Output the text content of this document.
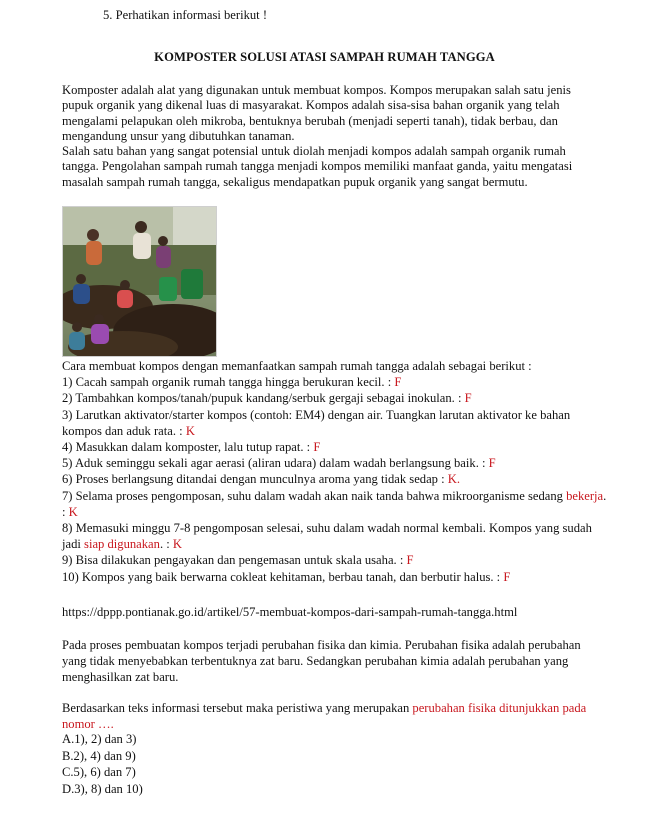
5. Perhatikan informasi berikut !
KOMPOSTER SOLUSI ATASI SAMPAH RUMAH TANGGA

Komposter adalah alat yang digunakan untuk membuat kompos. Kompos merupakan salah satu jenis pupuk organik yang dikenal luas di masyarakat. Kompos adalah sisa-sisa bahan organik yang telah mengalami pelapukan oleh mikroba, bentuknya berubah (menjadi seperti tanah), tidak berbau, dan mengandung unsur yang dibutuhkan tanaman.

Salah satu bahan yang sangat potensial untuk diolah menjadi kompos adalah sampah organik rumah tangga. Pengolahan sampah rumah tangga menjadi kompos memiliki manfaat ganda, yaitu mengatasi masalah sampah rumah tangga, sekaligus mendapatkan pupuk organik yang sangat bermutu.

Cara membuat kompos dengan memanfaatkan sampah rumah tangga adalah sebagai berikut :
1) Cacah sampah organik rumah tangga hingga berukuran kecil. : F
2) Tambahkan kompos/tanah/pupuk kandang/serbuk gergaji sebagai inokulan. : F
3) Larutkan aktivator/starter kompos (contoh: EM4) dengan air. Tuangkan larutan aktivator ke bahan kompos dan aduk rata. : K
4) Masukkan dalam komposter, lalu tutup rapat. : F
5) Aduk seminggu sekali agar aerasi (aliran udara) dalam wadah berlangsung baik. : F
6) Proses berlangsung ditandai dengan munculnya aroma yang tidak sedap : K.
7) Selama proses pengomposan, suhu dalam wadah akan naik tanda bahwa mikroorganisme sedang bekerja. : K
8) Memasuki minggu 7-8 pengomposan selesai, suhu dalam wadah normal kembali. Kompos yang sudah jadi siap digunakan. : K
9) Bisa dilakukan pengayakan dan pengemasan untuk skala usaha. : F
10) Kompos yang baik berwarna cokleat kehitaman, berbau tanah, dan berbutir halus. : F
https://dppp.pontianak.go.id/artikel/57-membuat-kompos-dari-sampah-rumah-tangga.html

Pada proses pembuatan kompos terjadi perubahan fisika dan kimia. Perubahan fisika adalah perubahan yang tidak menyebabkan terbentuknya zat baru. Sedangkan perubahan kimia adalah perubahan yang menghasilkan zat baru.

Berdasarkan teks informasi tersebut maka peristiwa yang merupakan perubahan fisika ditunjukkan pada nomor ….

A.1), 2) dan 3)
B.2), 4) dan 9)
C.5), 6) dan 7)
D.3), 8) dan 10)
